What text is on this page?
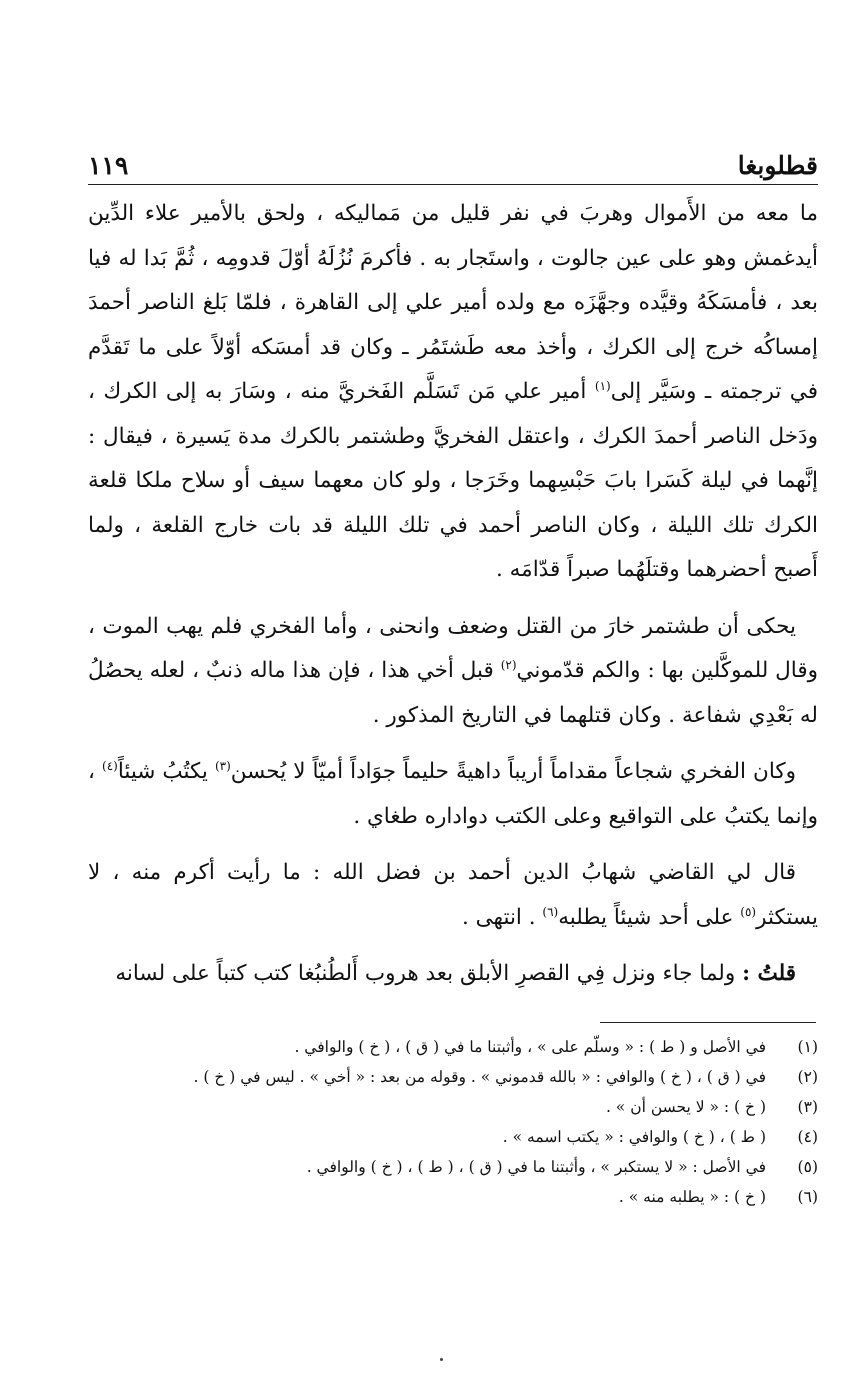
قطلوبغا
١١٩

ما معه من الأَموال وهربَ في نفر قليل من مَماليكه ، ولحق بالأمير علاء الدِّين أيدغمش وهو على عين جالوت ، واستَجار به . فأكرمَ نُزُلَهُ أوّلَ قدومِه ، ثُمَّ بَدا له فيا بعد ، فأمسَكَهُ وقيَّده وجهَّزَه مع ولده أمير علي إلى القاهرة ، فلمّا بَلغ الناصر أحمدَ إمساكُه خرج إلى الكرك ، وأخذ معه طَشتَمُر ـ وكان قد أمسَكه أوّلاً على ما تَقدَّم في ترجمته ـ وسَيَّر إلى$^{(١)}$ أمير علي مَن تَسَلَّم الفَخريَّ منه ، وسَارَ به إلى الكرك ، ودَخل الناصر أحمدَ الكرك ، واعتقل الفخريَّ وطشتمر بالكرك مدة يَسيرة ، فيقال : إنَّهما في ليلة كَسَرا بابَ حَبْسِهما وخَرَجا ، ولو كان معهما سيف أو سلاح ملكا قلعة الكرك تلك الليلة ، وكان الناصر أحمد في تلك الليلة قد بات خارج القلعة ، ولما أَصبح أحضرهما وقتلَهُما صبراً قدّامَه .

يحكى أن طشتمر خارَ من القتل وضعف وانحنى ، وأما الفخري فلم يهب الموت ، وقال للموكَّلين بها : والكم قدّموني$^{(٢)}$ قبل أخي هذا ، فإن هذا ماله ذنبٌ ، لعله يحصُلُ له بَعْدِي شفاعة . وكان قتلهما في التاريخ المذكور .

وكان الفخري شجاعاً مقداماً أريباً داهيةً حليماً جوَاداً أميّاً لا يُحسن$^{(٣)}$ يكتُبُ شيئاً$^{(٤)}$ ، وإنما يكتبُ على التواقيع وعلى الكتب دواداره طغاي .

قال لي القاضي شهابُ الدين أحمد بن فضل الله : ما رأيت أكرم منه ، لا يستكثر$^{(٥)}$ على أحد شيئاً يطلبه$^{(٦)}$ . انتهى .

قلتُ : ولما جاء ونزل فِي القصرِ الأبلق بعد هروب أَلطُنبُغا كتب كتباً على لسانه

(١)
في الأصل و ( ط ) : « وسلّم على » ، وأثبتنا ما في ( ق ) ، ( خ ) والوافي .
(٢)
في ( ق ) ، ( خ ) والوافي : « بالله قدموني » . وقوله من بعد : « أخي » . ليس في ( خ ) .
(٣)
( خ ) : « لا يحسن أن » .
(٤)
( ط ) ، ( خ ) والوافي : « يكتب اسمه » .
(٥)
في الأصل : « لا يستكبر » ، وأثبتنا ما في ( ق ) ، ( ط ) ، ( خ ) والوافي .
(٦)
( خ ) : « يطلبه منه » .
